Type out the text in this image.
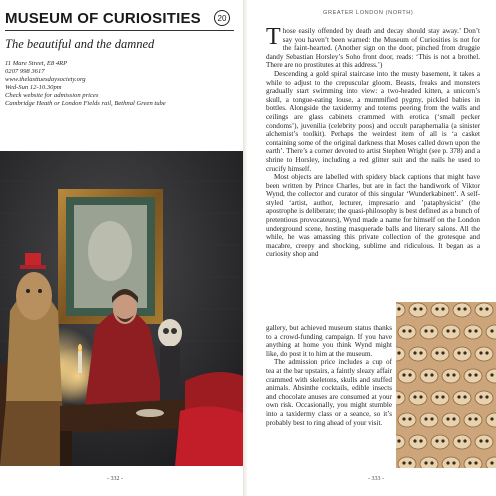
MUSEUM OF CURIOSITIES	20
The beautiful and the damned
11 Mare Street, E8 4RP
0207 998 3617
www.thelasttuesdaysociety.org
Wed-Sun 12-10.30pm
Check website for admission prices
Cambridge Heath or London Fields rail, Bethnal Green tube
- 332 -
GREATER LONDON (NORTH)

Those easily offended by death and decay should stay away.’ Don’t say you haven’t been warned: the Museum of Curiosities is not for the faint-hearted. (Another sign on the door, pinched from druggie dandy Sebastian Horsley’s Soho front door, reads: ‘This is not a brothel. There are no prostitutes at this address.’)

Descending a gold spiral staircase into the musty basement, it takes a while to adjust to the crepuscular gloom. Beasts, freaks and monsters gradually start swimming into view: a two-headed kitten, a unicorn’s skull, a tongue-eating louse, a mummified pygmy, pickled babies in bottles. Alongside the taxidermy and totems peering from the walls and ceilings are glass cabinets crammed with erotica (‘small pecker condoms’), juvenilia (celebrity poos) and occult paraphernalia (a sinister alchemist’s toolkit). Perhaps the weirdest item of all is ‘a casket containing some of the original darkness that Moses called down upon the earth’. There’s a corner devoted to artist Stephen Wright (see p. 378) and a shrine to Horsley, including a red glitter suit and the nails he used to crucify himself.

Most objects are labelled with spidery black captions that might have been written by Prince Charles, but are in fact the handiwork of Viktor Wynd, the collector and curator of this singular ‘Wunderkabinett’. A self-styled ‘artist, author, lecturer, impresario and ’pataphysicist’ (the apostrophe is deliberate; the quasi-philosophy is best defined as a bunch of pretentious provocateurs), Wynd made a name for himself on the London underground scene, hosting masquerade balls and literary salons. All the while, he was amassing this private collection of the grotesque and macabre, creepy and shocking, sublime and ridiculous. It began as a curiosity shop and

gallery, but achieved museum status thanks to a crowd-funding campaign. If you have anything at home you think Wynd might like, do post it to him at the museum.

The admission price includes a cup of tea at the bar upstairs, a faintly sleazy affair crammed with skeletons, skulls and stuffed animals. Absinthe cocktails, edible insects and chocolate anuses are consumed at your own risk. Occasionally, you might stumble into a taxidermy class or a seance, so it’s probably best to ring ahead of your visit.

- 333 -
